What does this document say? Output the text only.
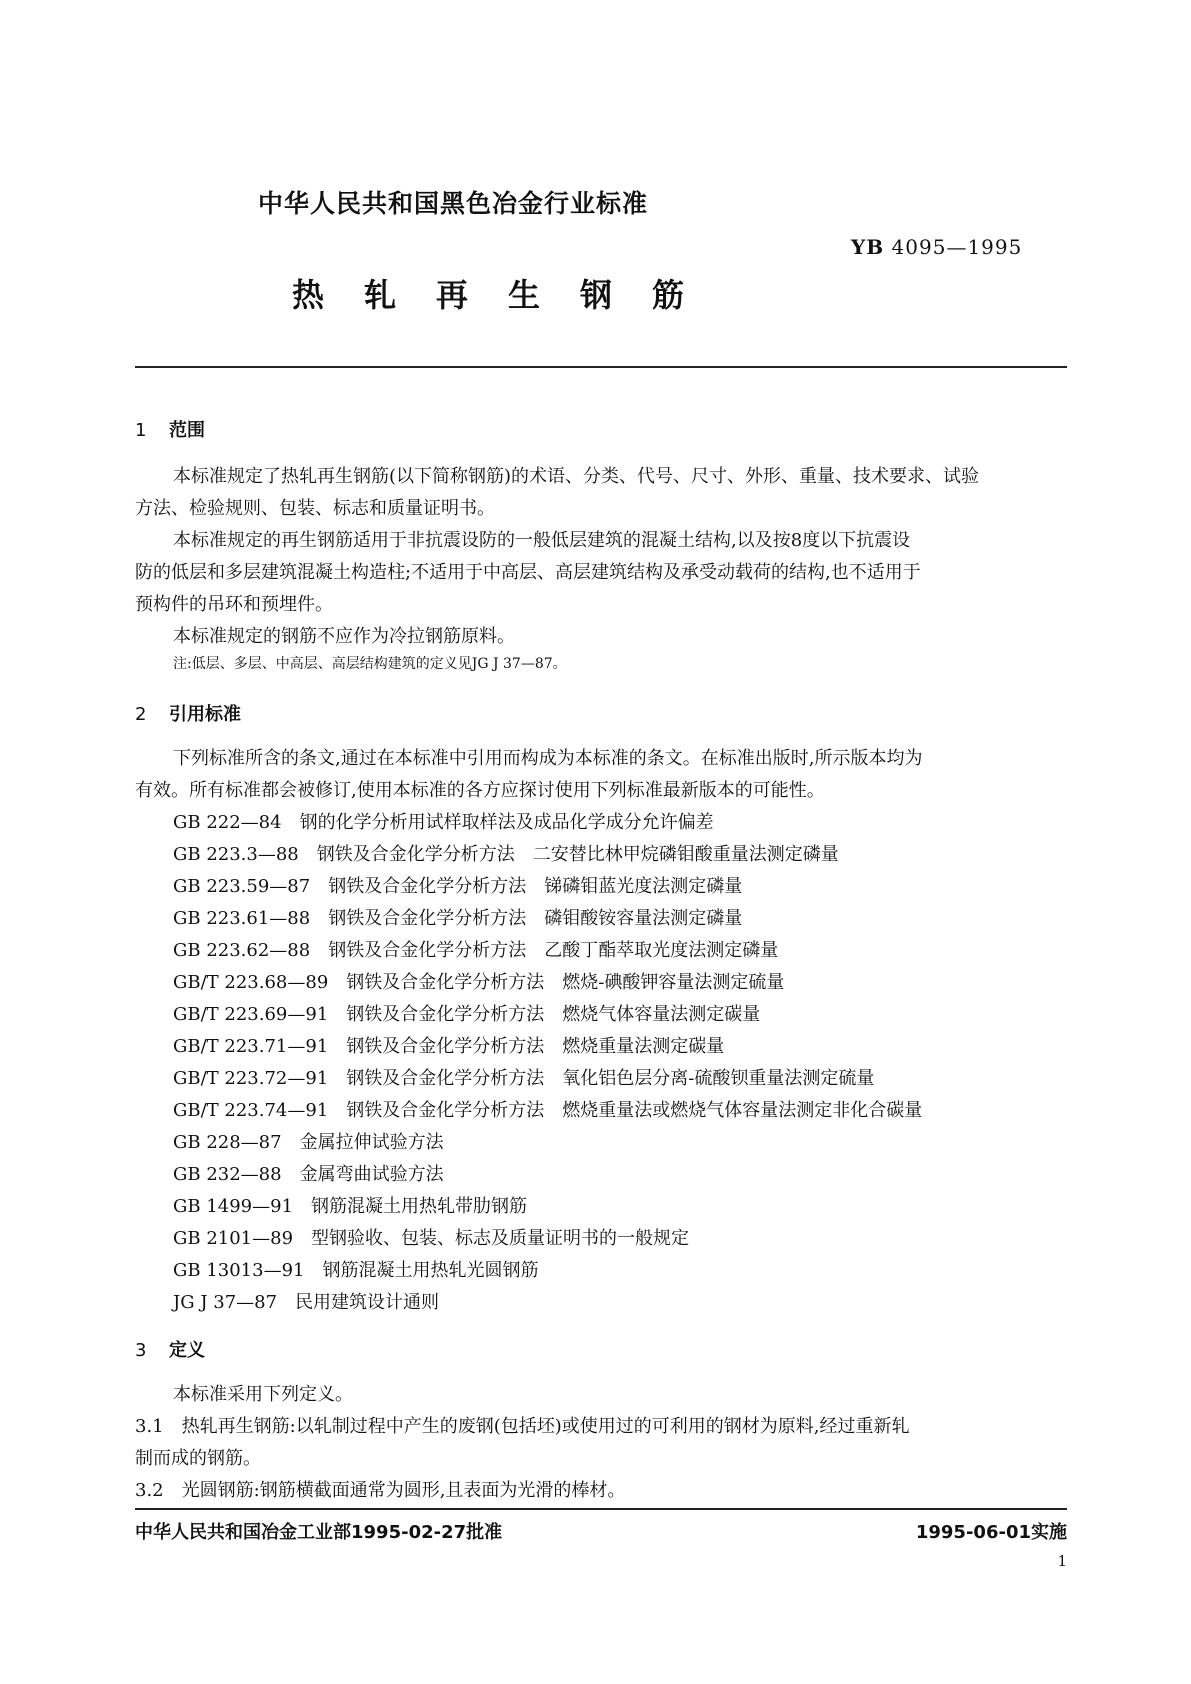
中华人民共和国黑色冶金行业标准
YB 4095—1995
热轧再生钢筋
1 范围
本标准规定了热轧再生钢筋(以下简称钢筋)的术语、分类、代号、尺寸、外形、重量、技术要求、试验
方法、检验规则、包装、标志和质量证明书。
本标准规定的再生钢筋适用于非抗震设防的一般低层建筑的混凝土结构,以及按8度以下抗震设
防的低层和多层建筑混凝土构造柱;不适用于中高层、高层建筑结构及承受动载荷的结构,也不适用于
预构件的吊环和预埋件。
本标准规定的钢筋不应作为冷拉钢筋原料。
注:低层、多层、中高层、高层结构建筑的定义见JG J 37—87。
2 引用标准
下列标准所含的条文,通过在本标准中引用而构成为本标准的条文。在标准出版时,所示版本均为
有效。所有标准都会被修订,使用本标准的各方应探讨使用下列标准最新版本的可能性。
GB 222—84　 钢的化学分析用试样取样法及成品化学成分允许偏差
GB 223.3—88　 钢铁及合金化学分析方法　二安替比林甲烷磷钼酸重量法测定磷量
GB 223.59—87　 钢铁及合金化学分析方法　锑磷钼蓝光度法测定磷量
GB 223.61—88　 钢铁及合金化学分析方法　磷钼酸铵容量法测定磷量
GB 223.62—88　 钢铁及合金化学分析方法　乙酸丁酯萃取光度法测定磷量
GB/T 223.68—89　 钢铁及合金化学分析方法　燃烧-碘酸钾容量法测定硫量
GB/T 223.69—91　 钢铁及合金化学分析方法　燃烧气体容量法测定碳量
GB/T 223.71—91　 钢铁及合金化学分析方法　燃烧重量法测定碳量
GB/T 223.72—91　 钢铁及合金化学分析方法　氧化铝色层分离-硫酸钡重量法测定硫量
GB/T 223.74—91　 钢铁及合金化学分析方法　燃烧重量法或燃烧气体容量法测定非化合碳量
GB 228—87　 金属拉伸试验方法
GB 232—88　 金属弯曲试验方法
GB 1499—91　 钢筋混凝土用热轧带肋钢筋
GB 2101—89　 型钢验收、包装、标志及质量证明书的一般规定
GB 13013—91　 钢筋混凝土用热轧光圆钢筋
JG J 37—87　 民用建筑设计通则
3 定义
本标准采用下列定义。
3.1　热轧再生钢筋:以轧制过程中产生的废钢(包括坯)或使用过的可利用的钢材为原料,经过重新轧
制而成的钢筋。
3.2　光圆钢筋:钢筋横截面通常为圆形,且表面为光滑的棒材。
中华人民共和国冶金工业部1995-02-27批准	1995-06-01实施
1
